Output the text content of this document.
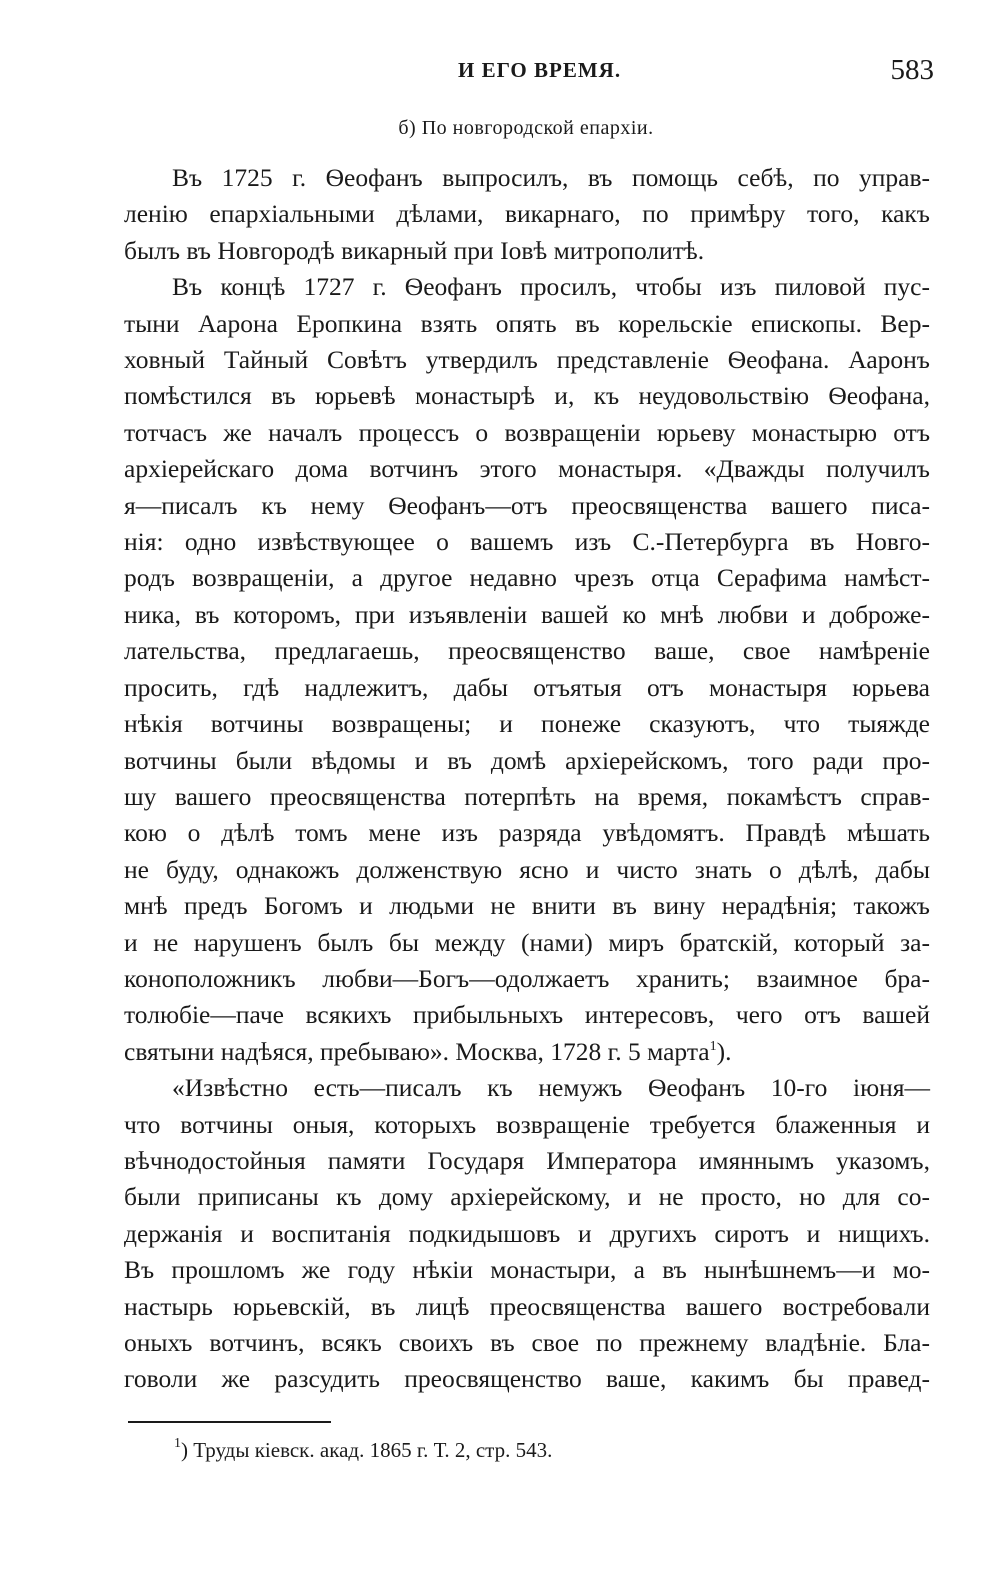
И ЕГО ВРЕМЯ.	583
б) По новгородской епархіи.
Въ 1725 г. Ѳеофанъ выпросилъ, въ помощь себѣ, по управ-
ленію епархіальными дѣлами, викарнаго, по примѣру того, какъ
былъ въ Новгородѣ викарный при Іовѣ митрополитѣ.
Въ концѣ 1727 г. Ѳеофанъ просилъ, чтобы изъ пиловой пус-
тыни Аарона Еропкина взять опять въ корельскіе епископы. Вер-
ховный Тайный Совѣтъ утвердилъ представленіе Ѳеофана. Ааронъ
помѣстился въ юрьевѣ монастырѣ и, къ неудовольствію Ѳеофана,
тотчасъ же началъ процессъ о возвращеніи юрьеву монастырю отъ
архіерейскаго дома вотчинъ этого монастыря. «Дважды получилъ
я—писалъ къ нему Ѳеофанъ—отъ преосвященства вашего писа-
нія: одно извѣствующее о вашемъ изъ С.-Петербурга въ Новго-
родъ возвращеніи, а другое недавно чрезъ отца Серафима намѣст-
ника, въ которомъ, при изъявленіи вашей ко мнѣ любви и доброже-
лательства, предлагаешь, преосвященство ваше, свое намѣреніе
просить, гдѣ надлежитъ, дабы отъятыя отъ монастыря юрьева
нѣкія вотчины возвращены; и понеже сказуютъ, что тыяжде
вотчины были вѣдомы и въ домѣ архіерейскомъ, того ради про-
шу вашего преосвященства потерпѣть на время, покамѣстъ справ-
кою о дѣлѣ томъ мене изъ разряда увѣдомятъ. Правдѣ мѣшать
не буду, однакожъ долженствую ясно и чисто знать о дѣлѣ, дабы
мнѣ предъ Богомъ и людьми не внити въ вину нерадѣнія; такожъ
и не нарушенъ былъ бы между (нами) миръ братскій, который за-
коноположникъ любви—Богъ—одолжаетъ хранить; взаимное бра-
толюбіе—паче всякихъ прибыльныхъ интересовъ, чего отъ вашей
святыни надѣяся, пребываю». Москва, 1728 г. 5 марта$^1$).
«Извѣстно есть—писалъ къ немужъ Ѳеофанъ 10-го іюня—
что вотчины оныя, которыхъ возвращеніе требуется блаженныя и
вѣчнодостойныя памяти Государя Императора имяннымъ указомъ,
были приписаны къ дому архіерейскому, и не просто, но для со-
держанія и воспитанія подкидышовъ и другихъ сиротъ и нищихъ.
Въ прошломъ же году нѣкіи монастыри, а въ нынѣшнемъ—и мо-
настырь юрьевскій, въ лицѣ преосвященства вашего востребовали
оныхъ вотчинъ, всякъ своихъ въ свое по прежнему владѣніе. Бла-
говоли же разсудить преосвященство ваше, какимъ бы правед-
$^1$) Труды кіевск. акад. 1865 г. Т. 2, стр. 543.
